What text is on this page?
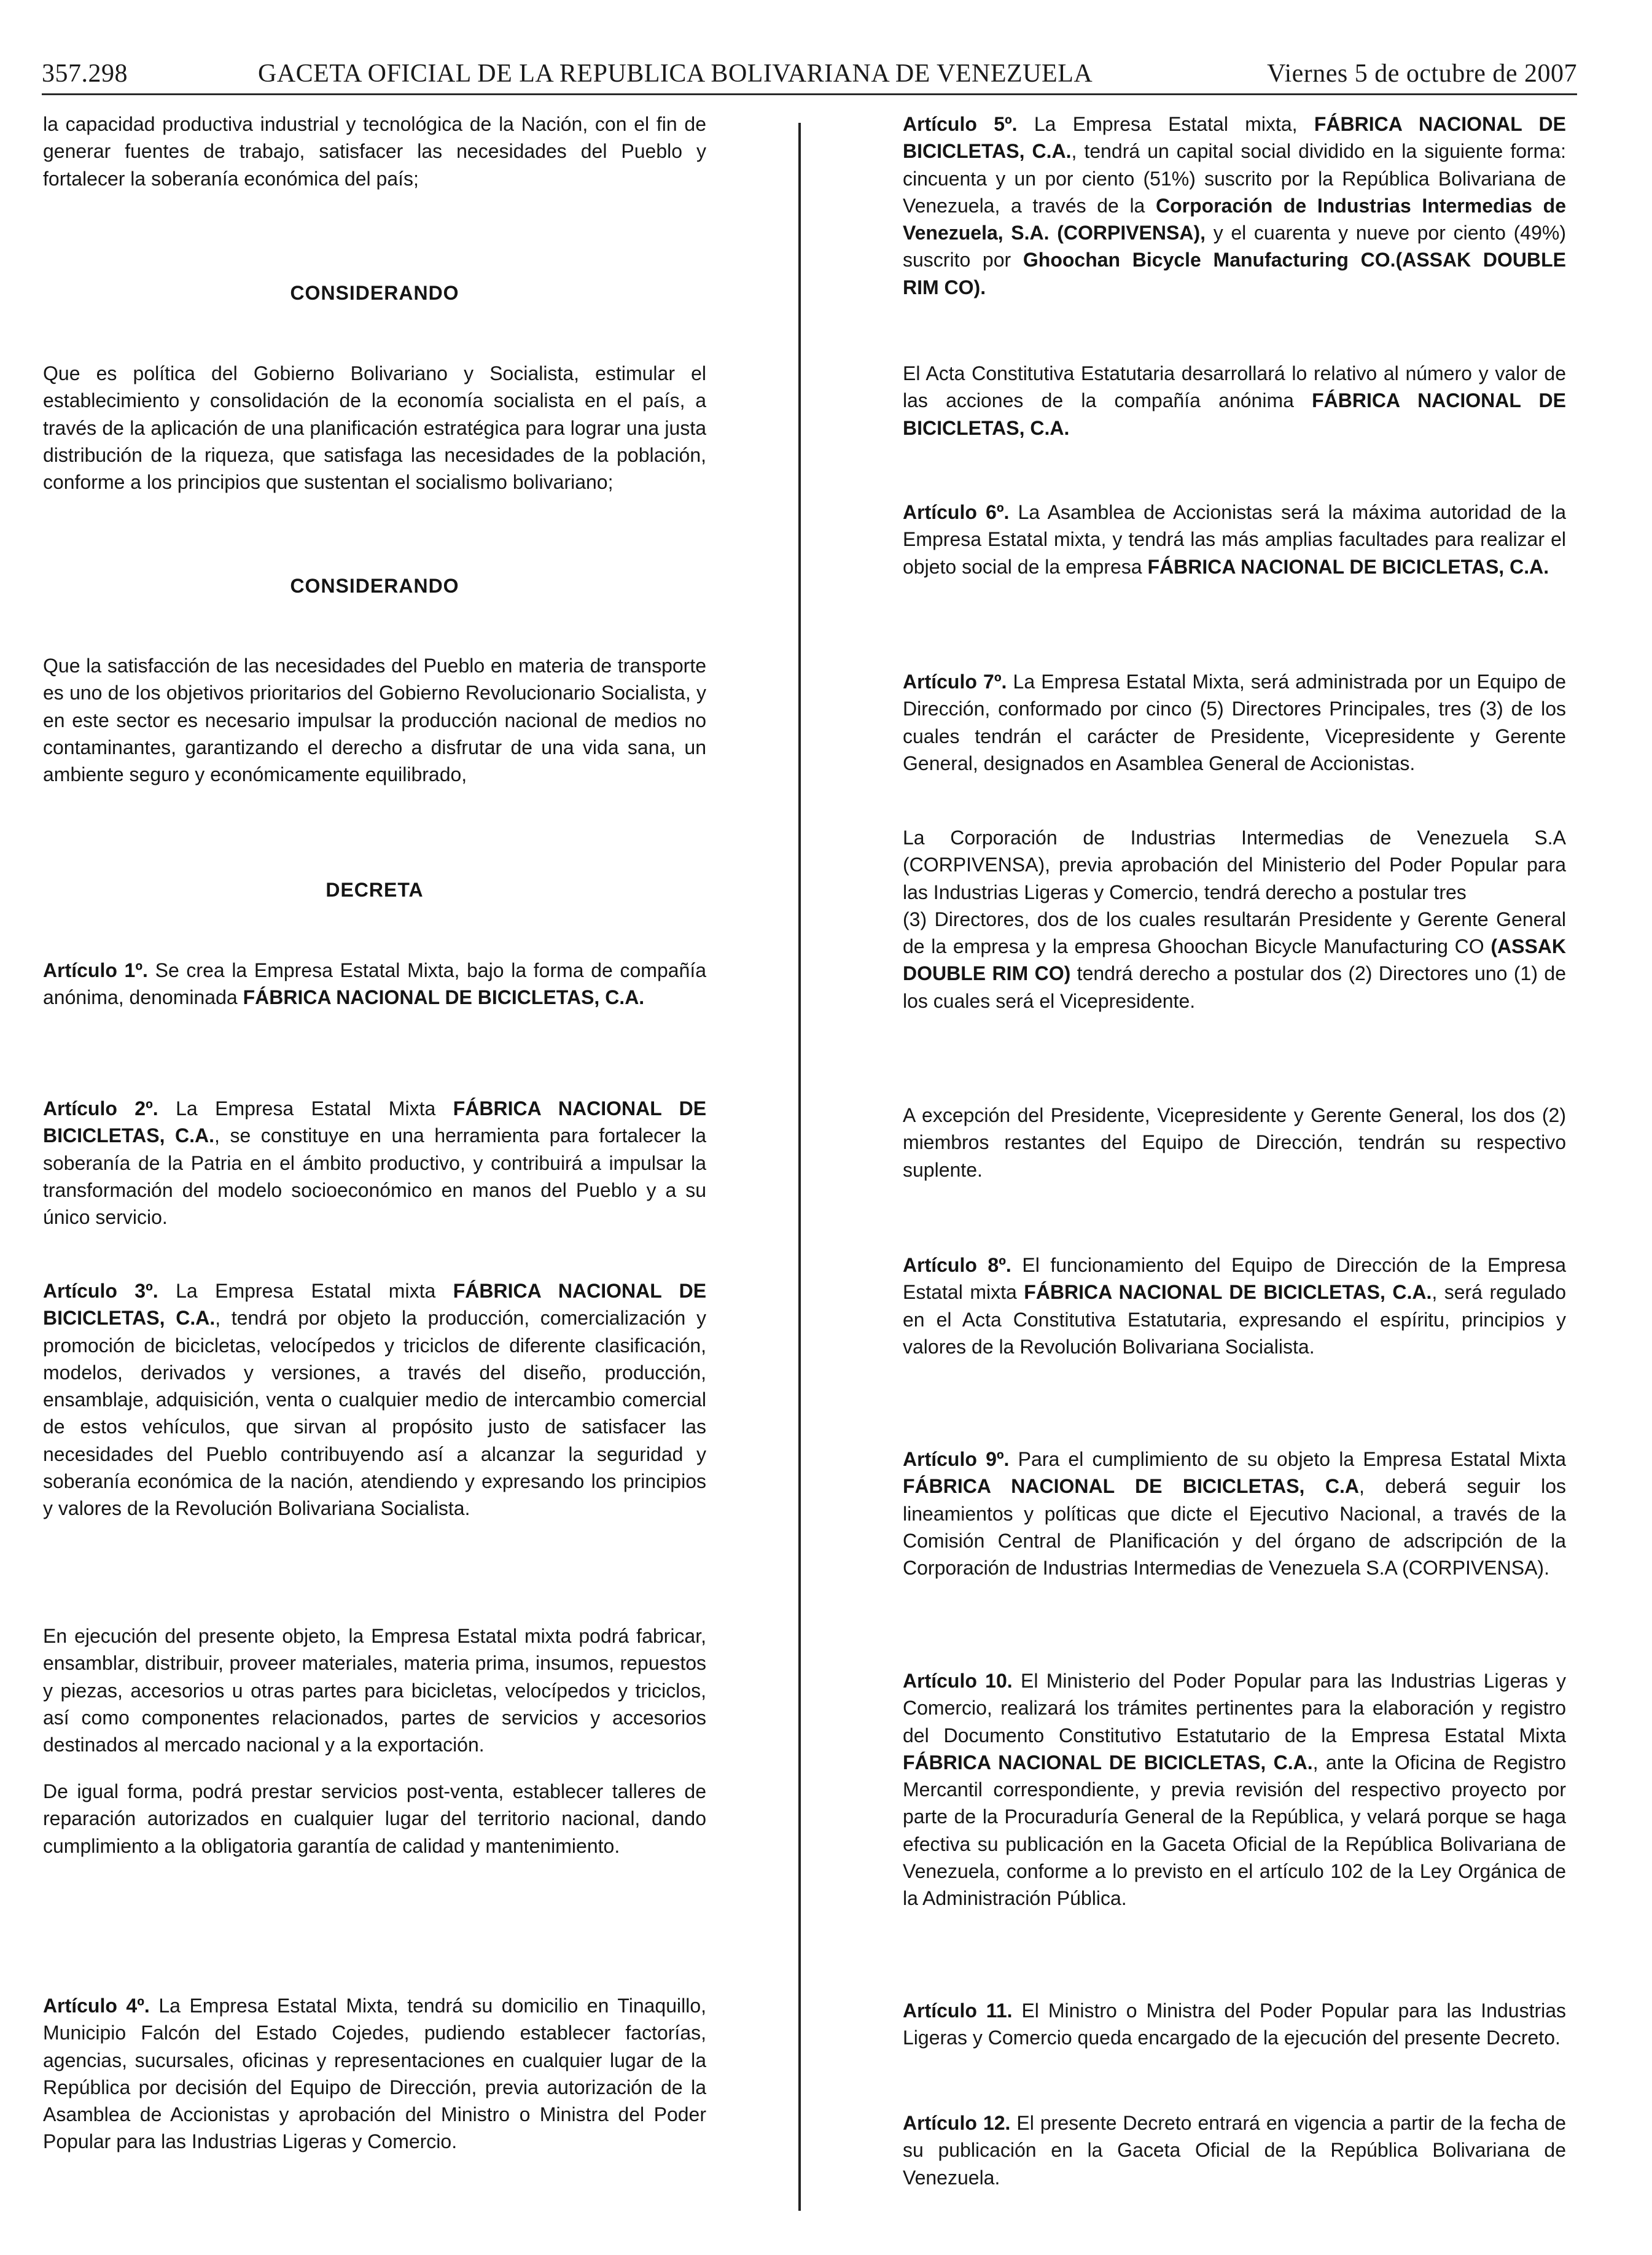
357.298	GACETA OFICIAL DE LA REPUBLICA BOLIVARIANA DE VENEZUELA	Viernes 5 de octubre de 2007

la capacidad productiva industrial y tecnológica de la Nación, con el fin de generar fuentes de trabajo, satisfacer las necesidades del Pueblo y fortalecer la soberanía económica del país;

CONSIDERANDO

Que es política del Gobierno Bolivariano y Socialista, estimular el establecimiento y consolidación de la economía socialista en el país, a través de la aplicación de una planificación estratégica para lograr una justa distribución de la riqueza, que satisfaga las necesidades de la población, conforme a los principios que sustentan el socialismo bolivariano;

CONSIDERANDO

Que la satisfacción de las necesidades del Pueblo en materia de transporte es uno de los objetivos prioritarios del Gobierno Revolucionario Socialista, y en este sector es necesario impulsar la producción nacional de medios no contaminantes, garantizando el derecho a disfrutar de una vida sana, un ambiente seguro y económicamente equilibrado,

DECRETA

Artículo 1º. Se crea la Empresa Estatal Mixta, bajo la forma de compañía anónima, denominada FÁBRICA NACIONAL DE BICICLETAS, C.A.

Artículo 2º. La Empresa Estatal Mixta FÁBRICA NACIONAL DE BICICLETAS, C.A., se constituye en una herramienta para fortalecer la soberanía de la Patria en el ámbito productivo, y contribuirá a impulsar la transformación del modelo socioeconómico en manos del Pueblo y a su único servicio.

Artículo 3º. La Empresa Estatal mixta FÁBRICA NACIONAL DE BICICLETAS, C.A., tendrá por objeto la producción, comercialización y promoción de bicicletas, velocípedos y triciclos de diferente clasificación, modelos, derivados y versiones, a través del diseño, producción, ensamblaje, adquisición, venta o cualquier medio de intercambio comercial de estos vehículos, que sirvan al propósito justo de satisfacer las necesidades del Pueblo contribuyendo así a alcanzar la seguridad y soberanía económica de la nación, atendiendo y expresando los principios y valores de la Revolución Bolivariana Socialista.

En ejecución del presente objeto, la Empresa Estatal mixta podrá fabricar, ensamblar, distribuir, proveer materiales, materia prima, insumos, repuestos y piezas, accesorios u otras partes para bicicletas, velocípedos y triciclos, así como componentes relacionados, partes de servicios y accesorios destinados al mercado nacional y a la exportación.

De igual forma, podrá prestar servicios post-venta, establecer talleres de reparación autorizados en cualquier lugar del territorio nacional, dando cumplimiento a la obligatoria garantía de calidad y mantenimiento.

Artículo 4º. La Empresa Estatal Mixta, tendrá su domicilio en Tinaquillo, Municipio Falcón del Estado Cojedes, pudiendo establecer factorías, agencias, sucursales, oficinas y representaciones en cualquier lugar de la República por decisión del Equipo de Dirección, previa autorización de la Asamblea de Accionistas y aprobación del Ministro o Ministra del Poder Popular para las Industrias Ligeras y Comercio.

Artículo 5º. La Empresa Estatal mixta, FÁBRICA NACIONAL DE BICICLETAS, C.A., tendrá un capital social dividido en la siguiente forma: cincuenta y un por ciento (51%) suscrito por la República Bolivariana de Venezuela, a través de la Corporación de Industrias Intermedias de Venezuela, S.A. (CORPIVENSA), y el cuarenta y nueve por ciento (49%) suscrito por Ghoochan Bicycle Manufacturing CO.(ASSAK DOUBLE RIM CO).

El Acta Constitutiva Estatutaria desarrollará lo relativo al número y valor de las acciones de la compañía anónima FÁBRICA NACIONAL DE BICICLETAS, C.A.

Artículo 6º. La Asamblea de Accionistas será la máxima autoridad de la Empresa Estatal mixta, y tendrá las más amplias facultades para realizar el objeto social de la empresa FÁBRICA NACIONAL DE BICICLETAS, C.A.

Artículo 7º. La Empresa Estatal Mixta, será administrada por un Equipo de Dirección, conformado por cinco (5) Directores Principales, tres (3) de los cuales tendrán el carácter de Presidente, Vicepresidente y Gerente General, designados en Asamblea General de Accionistas.

La Corporación de Industrias Intermedias de Venezuela S.A (CORPIVENSA), previa aprobación del Ministerio del Poder Popular para las Industrias Ligeras y Comercio, tendrá derecho a postular tres
(3) Directores, dos de los cuales resultarán Presidente y Gerente General de la empresa y la empresa Ghoochan Bicycle Manufacturing CO (ASSAK DOUBLE RIM CO) tendrá derecho a postular dos (2) Directores uno (1) de los cuales será el Vicepresidente.

A excepción del Presidente, Vicepresidente y Gerente General, los dos (2) miembros restantes del Equipo de Dirección, tendrán su respectivo suplente.

Artículo 8º. El funcionamiento del Equipo de Dirección de la Empresa Estatal mixta FÁBRICA NACIONAL DE BICICLETAS, C.A., será regulado en el Acta Constitutiva Estatutaria, expresando el espíritu, principios y valores de la Revolución Bolivariana Socialista.

Artículo 9º. Para el cumplimiento de su objeto la Empresa Estatal Mixta FÁBRICA NACIONAL DE BICICLETAS, C.A, deberá seguir los lineamientos y políticas que dicte el Ejecutivo Nacional, a través de la Comisión Central de Planificación y del órgano de adscripción de la Corporación de Industrias Intermedias de Venezuela S.A (CORPIVENSA).

Artículo 10. El Ministerio del Poder Popular para las Industrias Ligeras y Comercio, realizará los trámites pertinentes para la elaboración y registro del Documento Constitutivo Estatutario de la Empresa Estatal Mixta FÁBRICA NACIONAL DE BICICLETAS, C.A., ante la Oficina de Registro Mercantil correspondiente, y previa revisión del respectivo proyecto por parte de la Procuraduría General de la República, y velará porque se haga efectiva su publicación en la Gaceta Oficial de la República Bolivariana de Venezuela, conforme a lo previsto en el artículo 102 de la Ley Orgánica de la Administración Pública.

Artículo 11. El Ministro o Ministra del Poder Popular para las Industrias Ligeras y Comercio queda encargado de la ejecución del presente Decreto.

Artículo 12. El presente Decreto entrará en vigencia a partir de la fecha de su publicación en la Gaceta Oficial de la República Bolivariana de Venezuela.
